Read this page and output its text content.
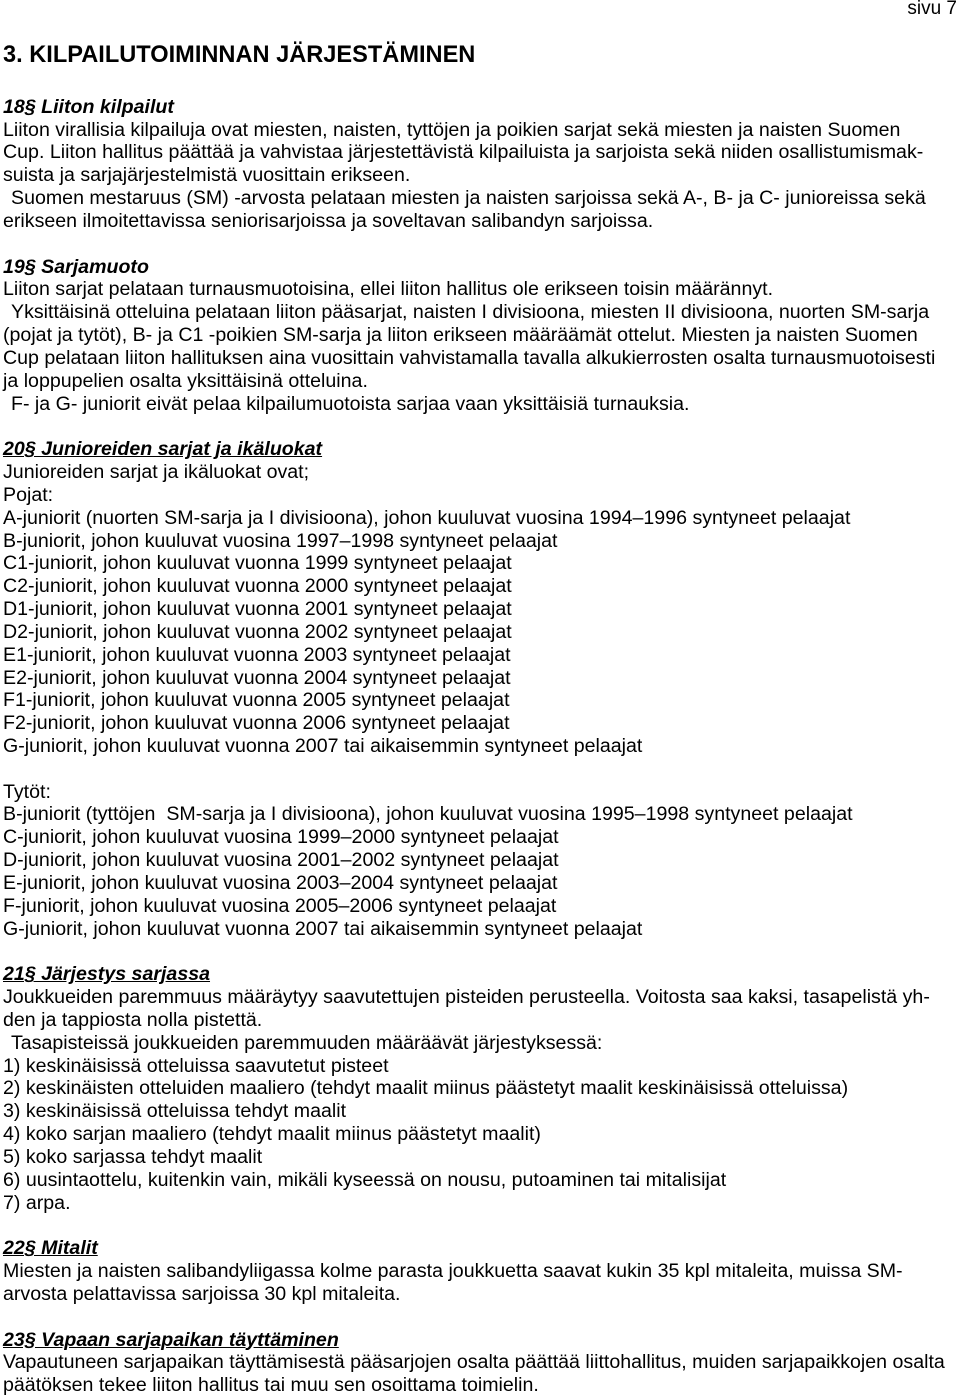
sivu 7
3. KILPAILUTOIMINNAN JÄRJESTÄMINEN
18§ Liiton kilpailut
Liiton virallisia kilpailuja ovat miesten, naisten, tyttöjen ja poikien sarjat sekä miesten ja naisten Suomen
Cup. Liiton hallitus päättää ja vahvistaa järjestettävistä kilpailuista ja sarjoista sekä niiden osallistumismak-
suista ja sarjajärjestelmistä vuosittain erikseen.
Suomen mestaruus (SM) -arvosta pelataan miesten ja naisten sarjoissa sekä A-, B- ja C- junioreissa sekä
erikseen ilmoitettavissa seniorisarjoissa ja soveltavan salibandyn sarjoissa.
19§ Sarjamuoto
Liiton sarjat pelataan turnausmuotoisina, ellei liiton hallitus ole erikseen toisin määrännyt.
Yksittäisinä otteluina pelataan liiton pääsarjat, naisten I divisioona, miesten II divisioona, nuorten SM-sarja
(pojat ja tytöt), B- ja C1 -poikien SM-sarja ja liiton erikseen määräämät ottelut. Miesten ja naisten Suomen
Cup pelataan liiton hallituksen aina vuosittain vahvistamalla tavalla alkukierrosten osalta turnausmuotoisesti
ja loppupelien osalta yksittäisinä otteluina.
F- ja G- juniorit eivät pelaa kilpailumuotoista sarjaa vaan yksittäisiä turnauksia.
20§ Junioreiden sarjat ja ikäluokat
Junioreiden sarjat ja ikäluokat ovat;
Pojat:
A-juniorit (nuorten SM-sarja ja I divisioona), johon kuuluvat vuosina 1994–1996 syntyneet pelaajat
B-juniorit, johon kuuluvat vuosina 1997–1998 syntyneet pelaajat
C1-juniorit, johon kuuluvat vuonna 1999 syntyneet pelaajat
C2-juniorit, johon kuuluvat vuonna 2000 syntyneet pelaajat
D1-juniorit, johon kuuluvat vuonna 2001 syntyneet pelaajat
D2-juniorit, johon kuuluvat vuonna 2002 syntyneet pelaajat
E1-juniorit, johon kuuluvat vuonna 2003 syntyneet pelaajat
E2-juniorit, johon kuuluvat vuonna 2004 syntyneet pelaajat
F1-juniorit, johon kuuluvat vuonna 2005 syntyneet pelaajat
F2-juniorit, johon kuuluvat vuonna 2006 syntyneet pelaajat
G-juniorit, johon kuuluvat vuonna 2007 tai aikaisemmin syntyneet pelaajat
Tytöt:
B-juniorit (tyttöjen  SM-sarja ja I divisioona), johon kuuluvat vuosina 1995–1998 syntyneet pelaajat
C-juniorit, johon kuuluvat vuosina 1999–2000 syntyneet pelaajat
D-juniorit, johon kuuluvat vuosina 2001–2002 syntyneet pelaajat
E-juniorit, johon kuuluvat vuosina 2003–2004 syntyneet pelaajat
F-juniorit, johon kuuluvat vuosina 2005–2006 syntyneet pelaajat
G-juniorit, johon kuuluvat vuonna 2007 tai aikaisemmin syntyneet pelaajat
21§ Järjestys sarjassa
Joukkueiden paremmuus määräytyy saavutettujen pisteiden perusteella. Voitosta saa kaksi, tasapelistä yh-
den ja tappiosta nolla pistettä.
Tasapisteissä joukkueiden paremmuuden määräävät järjestyksessä:
1) keskinäisissä otteluissa saavutetut pisteet
2) keskinäisten otteluiden maaliero (tehdyt maalit miinus päästetyt maalit keskinäisissä otteluissa)
3) keskinäisissä otteluissa tehdyt maalit
4) koko sarjan maaliero (tehdyt maalit miinus päästetyt maalit)
5) koko sarjassa tehdyt maalit
6) uusintaottelu, kuitenkin vain, mikäli kyseessä on nousu, putoaminen tai mitalisijat
7) arpa.
22§ Mitalit
Miesten ja naisten salibandyliigassa kolme parasta joukkuetta saavat kukin 35 kpl mitaleita, muissa SM-
arvosta pelattavissa sarjoissa 30 kpl mitaleita.
23§ Vapaan sarjapaikan täyttäminen
Vapautuneen sarjapaikan täyttämisestä pääsarjojen osalta päättää liittohallitus, muiden sarjapaikkojen osalta
päätöksen tekee liiton hallitus tai muu sen osoittama toimielin.
